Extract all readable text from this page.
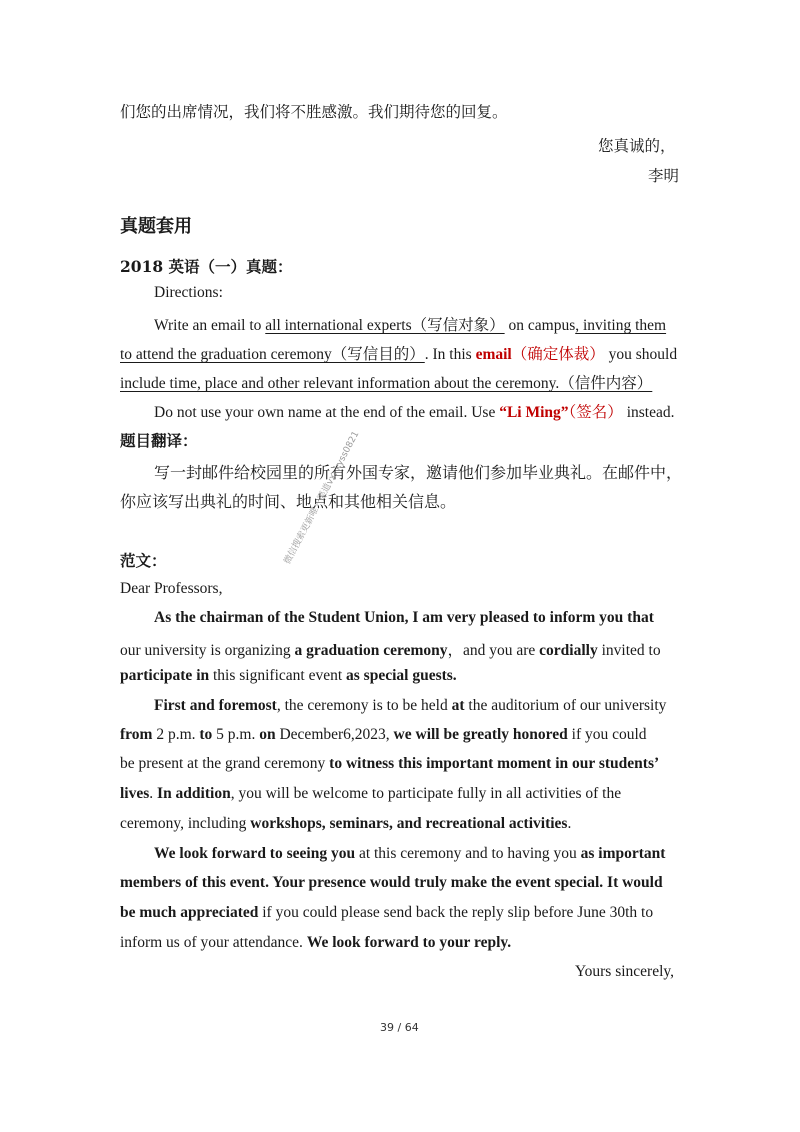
们您的出席情况，我们将不胜感激。我们期待您的回复。
您真诚的，
李明
真题套用
2018 英语（一）真题：
Directions:
Write an email to all international experts（写信对象） on campus, inviting them
to attend the graduation ceremony（写信目的）. In this email（确定体裁） you should
include time, place and other relevant information about the ceremony.（信件内容）
Do not use your own name at the end of the email. Use “Li Ming”（签名） instead.
题目翻译：
写一封邮件给校园里的所有外国专家，邀请他们参加毕业典礼。在邮件中，
你应该写出典礼的时间、地点和其他相关信息。
范文：
Dear Professors,
As the chairman of the Student Union, I am very pleased to inform you that
our university is organizing a graduation ceremony，and you are cordially invited to
participate in this significant event as special guests.
First and foremost, the ceremony is to be held at the auditorium of our university
from 2 p.m. to 5 p.m. on December6,2023, we will be greatly honored if you could
be present at the grand ceremony to witness this important moment in our students’
lives. In addition, you will be welcome to participate fully in all activities of the
ceremony, including workshops, seminars, and recreational activities.
We look forward to seeing you at this ceremony and to having you as important
members of this event. Your presence would truly make the event special. It would
be much appreciated if you could please send back the reply slip before June 30th to
inform us of your attendance. We look forward to your reply.
Yours sincerely,
39 / 64
微信搜索更新唯一渠道vx: kyss0821
